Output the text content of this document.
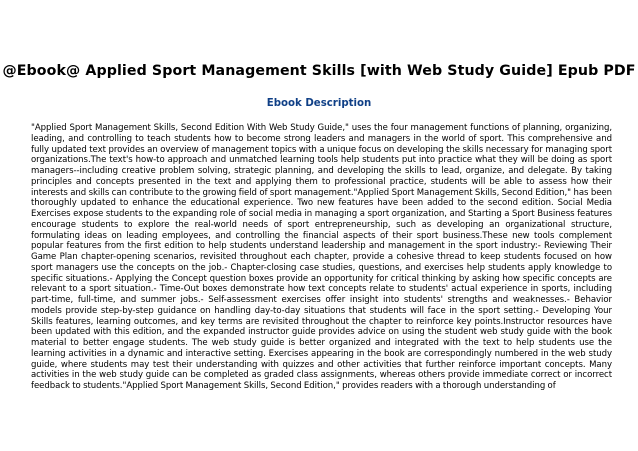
@Ebook@ Applied Sport Management Skills [with Web Study Guide] Epub PDF
Ebook Description

"Applied Sport Management Skills, Second Edition With Web Study Guide," uses the four management functions of planning, organizing, leading, and controlling to teach students how to become strong leaders and managers in the world of sport. This comprehensive and fully updated text provides an overview of management topics with a unique focus on developing the skills necessary for managing sport organizations.The text's how-to approach and unmatched learning tools help students put into practice what they will be doing as sport managers--including creative problem solving, strategic planning, and developing the skills to lead, organize, and delegate. By taking principles and concepts presented in the text and applying them to professional practice, students will be able to assess how their interests and skills can contribute to the growing field of sport management."Applied Sport Management Skills, Second Edition," has been thoroughly updated to enhance the educational experience. Two new features have been added to the second edition. Social Media Exercises expose students to the expanding role of social media in managing a sport organization, and Starting a Sport Business features encourage students to explore the real-world needs of sport entrepreneurship, such as developing an organizational structure, formulating ideas on leading employees, and controlling the financial aspects of their sport business.These new tools complement popular features from the first edition to help students understand leadership and management in the sport industry:- Reviewing Their Game Plan chapter-opening scenarios, revisited throughout each chapter, provide a cohesive thread to keep students focused on how sport managers use the concepts on the job.- Chapter-closing case studies, questions, and exercises help students apply knowledge to specific situations.- Applying the Concept question boxes provide an opportunity for critical thinking by asking how specific concepts are relevant to a sport situation.- Time-Out boxes demonstrate how text concepts relate to students' actual experience in sports, including part-time, full-time, and summer jobs.- Self-assessment exercises offer insight into students' strengths and weaknesses.- Behavior models provide step-by-step guidance on handling day-to-day situations that students will face in the sport setting.- Developing Your Skills features, learning outcomes, and key terms are revisited throughout the chapter to reinforce key points.Instructor resources have been updated with this edition, and the expanded instructor guide provides advice on using the student web study guide with the book material to better engage students. The web study guide is better organized and integrated with the text to help students use the learning activities in a dynamic and interactive setting. Exercises appearing in the book are correspondingly numbered in the web study guide, where students may test their understanding with quizzes and other activities that further reinforce important concepts. Many activities in the web study guide can be completed as graded class assignments, whereas others provide immediate correct or incorrect feedback to students."Applied Sport Management Skills, Second Edition," provides readers with a thorough understanding of
